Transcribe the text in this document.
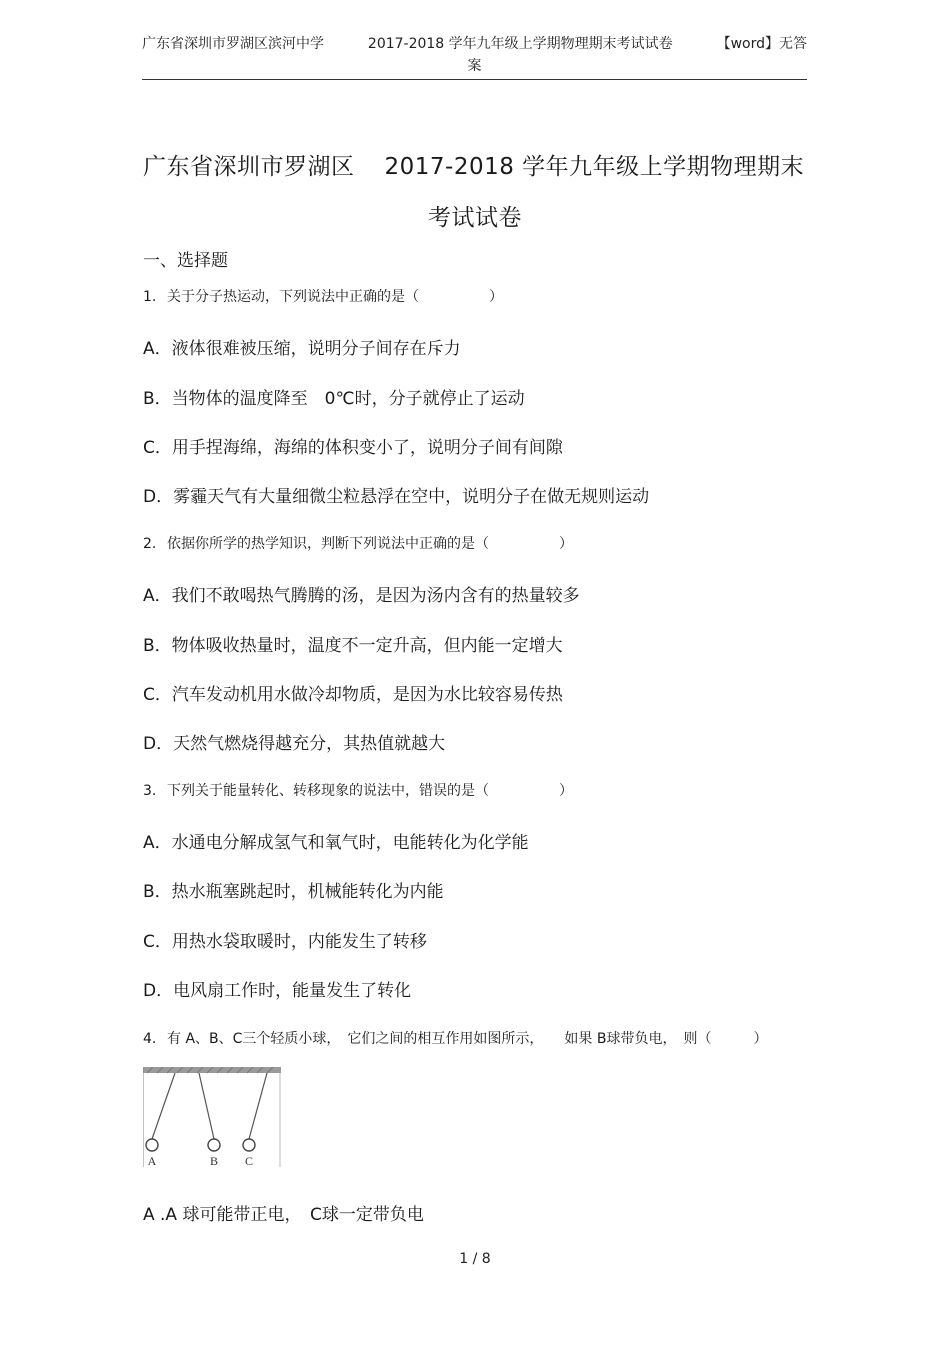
广东省深圳市罗湖区滨河中学	2017-2018 学年九年级上学期物理期末考试试卷	【word】无答
案
广东省深圳市罗湖区 2017-2018 学年九年级上学期物理期末
考试试卷
一、选择题
1. 关于分子热运动，下列说法中正确的是（　　　　　）
A．液体很难被压缩，说明分子间存在斥力
B．当物体的温度降至　0℃时，分子就停止了运动
C．用手捏海绵，海绵的体积变小了，说明分子间有间隙
D．雾霾天气有大量细微尘粒悬浮在空中，说明分子在做无规则运动
2. 依据你所学的热学知识，判断下列说法中正确的是（　　　　　）
A．我们不敢喝热气腾腾的汤，是因为汤内含有的热量较多
B．物体吸收热量时，温度不一定升高，但内能一定增大
C．汽车发动机用水做冷却物质，是因为水比较容易传热
D．天然气燃烧得越充分，其热值就越大
3. 下列关于能量转化、转移现象的说法中，错误的是（　　　　　）
A．水通电分解成氢气和氧气时，电能转化为化学能
B．热水瓶塞跳起时，机械能转化为内能
C．用热水袋取暖时，内能发生了转移
D．电风扇工作时，能量发生了转化
4. 有 A、B、C三个轻质小球，　它们之间的相互作用如图所示，　　如果 B球带负电，　则（　　　）
A	B C
A .A 球可能带正电，　C球一定带负电
1 / 8
